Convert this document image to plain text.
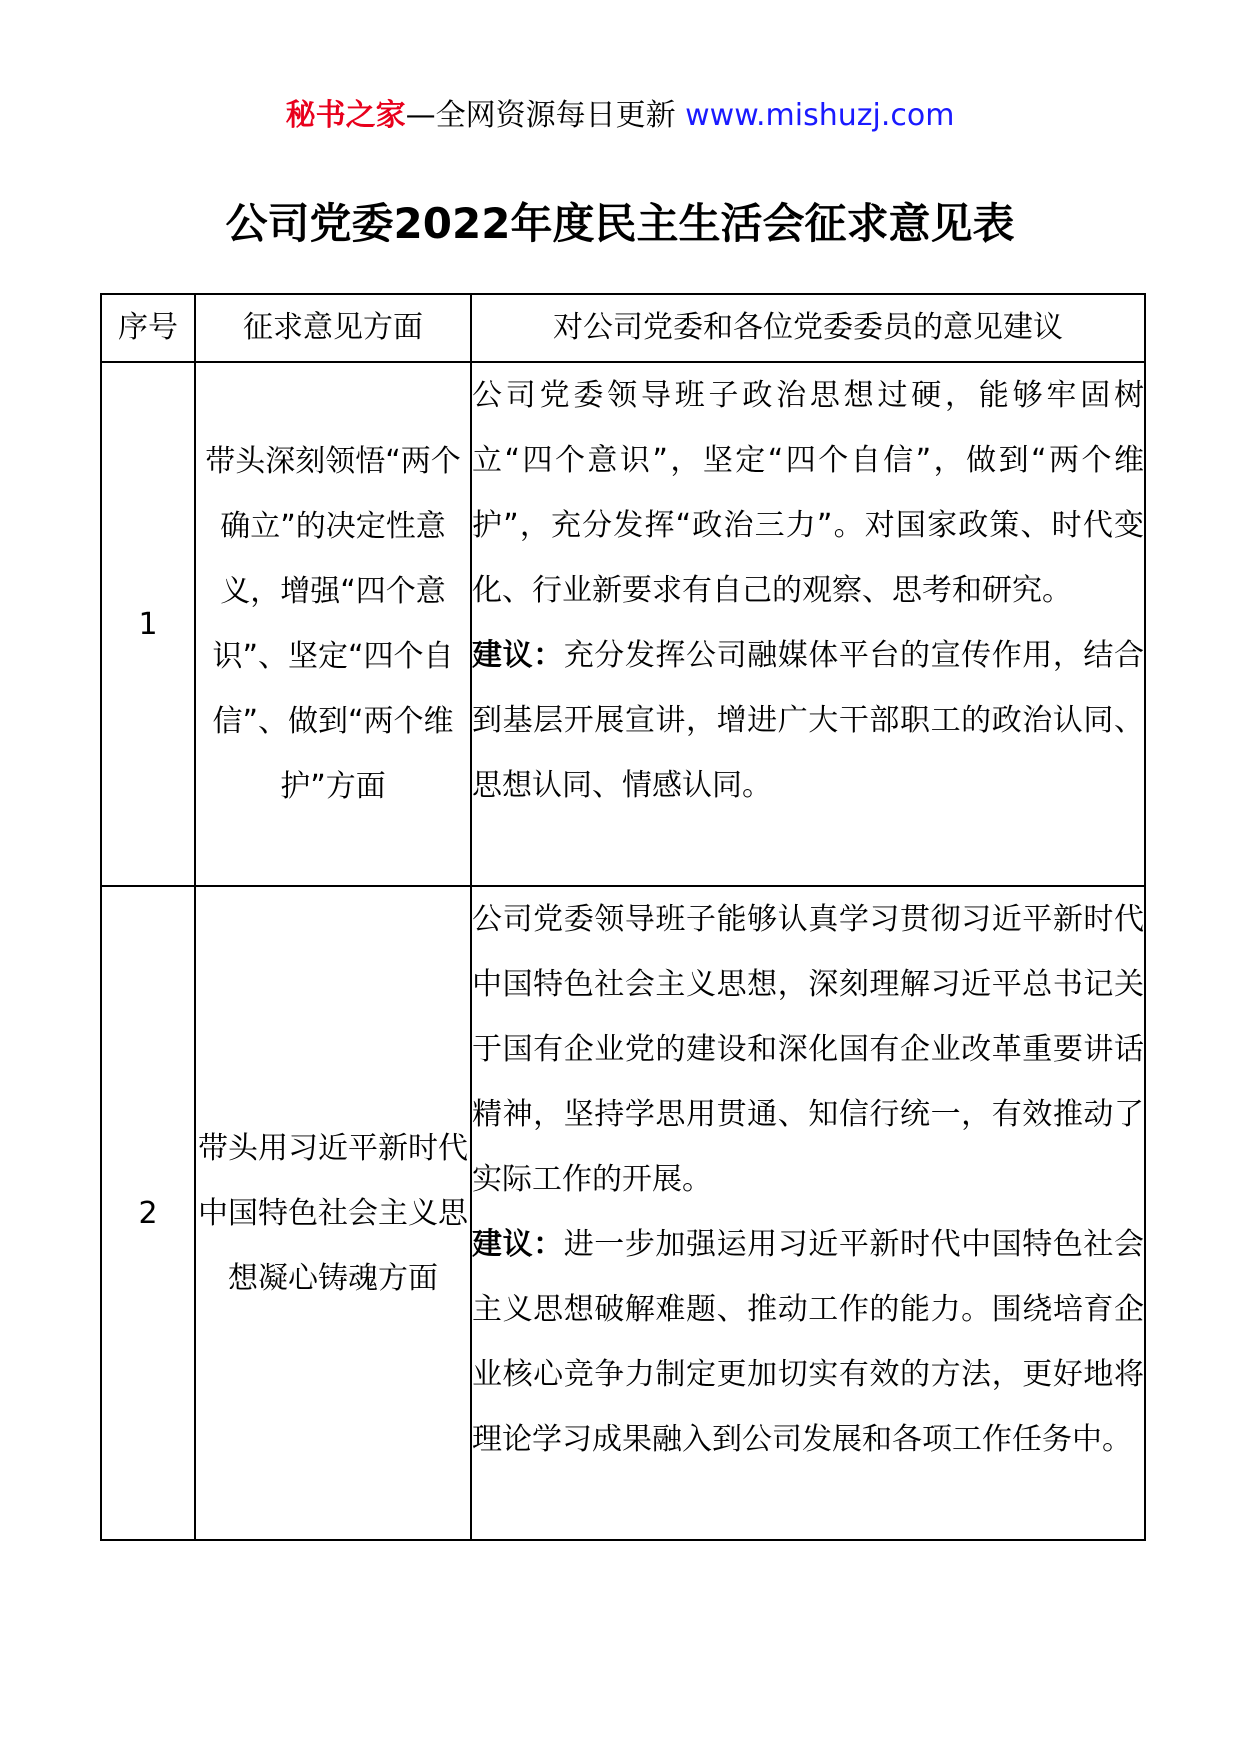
秘书之家—全网资源每日更新 www.mishuzj.com
公司党委2022年度民主生活会征求意见表
序号	征求意见方面	对公司党委和各位党委委员的意见建议
1	带头深刻领悟“两个确立”的决定性意义，增强“四个意识”、坚定“四个自信”、做到“两个维护”方面	公司党委领导班子政治思想过硬，能够牢固树立“四个意识”，坚定“四个自信”，做到“两个维护”，充分发挥“政治三力”。对国家政策、时代变化、行业新要求有自己的观察、思考和研究。
建议：充分发挥公司融媒体平台的宣传作用，结合到基层开展宣讲，增进广大干部职工的政治认同、思想认同、情感认同。

2	带头用习近平新时代中国特色社会主义思想凝心铸魂方面	公司党委领导班子能够认真学习贯彻习近平新时代中国特色社会主义思想，深刻理解习近平总书记关于国有企业党的建设和深化国有企业改革重要讲话精神，坚持学思用贯通、知信行统一，有效推动了实际工作的开展。
建议：进一步加强运用习近平新时代中国特色社会主义思想破解难题、推动工作的能力。围绕培育企业核心竞争力制定更加切实有效的方法，更好地将理论学习成果融入到公司发展和各项工作任务中。
